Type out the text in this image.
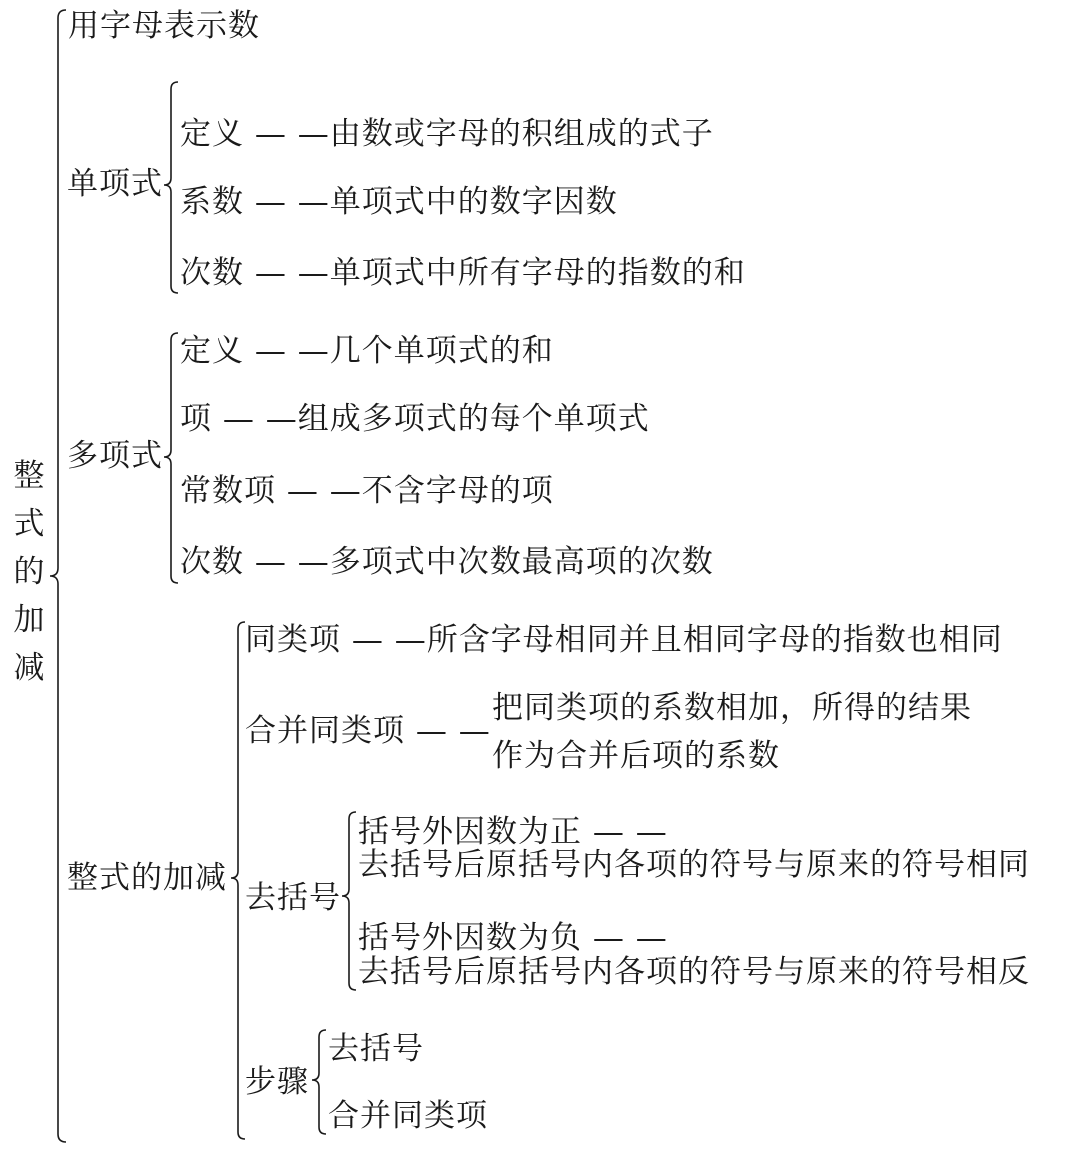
整式的加减
用字母表示数
单项式
定义 — —由数或字母的积组成的式子
系数 — —单项式中的数字因数
次数 — —单项式中所有字母的指数的和
多项式
定义 — —几个单项式的和
项 — —组成多项式的每个单项式
常数项 — —不含字母的项
次数 — —多项式中次数最高项的次数
整式的加减
同类项 — —所含字母相同并且相同字母的指数也相同
合并同类项 — —
把同类项的系数相加，所得的结果
作为合并后项的系数
去括号
括号外因数为正 — —
去括号后原括号内各项的符号与原来的符号相同
括号外因数为负 — —
去括号后原括号内各项的符号与原来的符号相反
步骤
去括号
合并同类项
